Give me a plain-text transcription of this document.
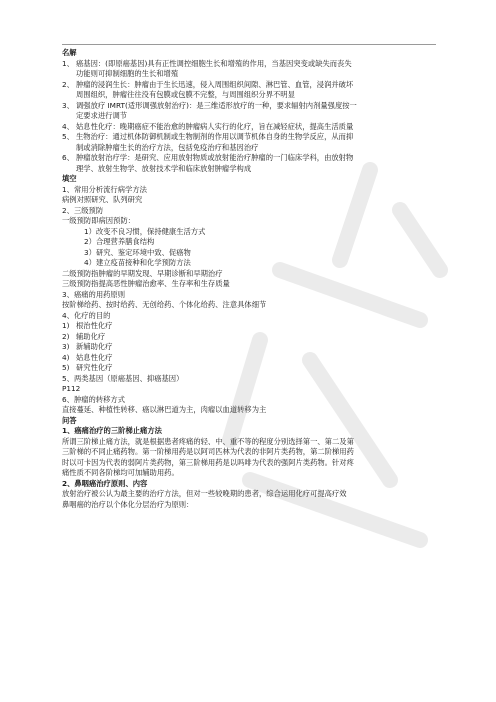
名解
1、 癌基因：(即原癌基因)具有正性调控细胞生长和增殖的作用，当基因突变或缺失而丧失
功能则可抑制细胞的生长和增殖
2、 肿瘤的浸润生长：肿瘤由于生长迅速，侵入周围组织间隙、淋巴管、血管，浸润并破坏
周围组织，肿瘤往往没有包膜或包膜不完整，与周围组织分界不明显
3、 调强放疗 IMRT(适形调强放射治疗)：是三维适形放疗的一种，要求辐射内剂量强度按一
定要求进行调节
4、 姑息性化疗：晚期癌症不能治愈的肿瘤病人实行的化疗，旨在减轻症状，提高生活质量
5、 生物治疗：通过机体防御机制或生物制剂的作用以调节机体自身的生物学反应，从而抑
制或消除肿瘤生长的治疗方法，包括免疫治疗和基因治疗
6、 肿瘤放射治疗学：是研究、应用放射物质或放射能治疗肿瘤的一门临床学科，由放射物
理学、放射生物学、放射技术学和临床放射肿瘤学构成
填空
1、常用分析流行病学方法
病例对照研究、队列研究
2、三级预防
一级预防即病因预防：
1）改变不良习惯，保持健康生活方式
2）合理营养膳食结构
3）研究、鉴定环境中致、促癌物
4）建立疫苗接种和化学预防方法
二级预防指肿瘤的早期发现、早期诊断和早期治疗
三级预防指提高恶性肿瘤治愈率、生存率和生存质量
3、癌痛的用药原则
按阶梯给药、按时给药、无创给药、个体化给药、注意具体细节
4、化疗的目的
1) 根治性化疗
2) 辅助化疗
3) 新辅助化疗
4) 姑息性化疗
5) 研究性化疗
5、两类基因（原癌基因、抑癌基因）
P112
6、肿瘤的转移方式
直接蔓延、种植性转移、癌以淋巴道为主，肉瘤以血道转移为主
问答
1、癌痛治疗的三阶梯止痛方法
所谓三阶梯止痛方法，就是根据患者疼痛的轻、中、重不等的程度分别选择第一、第二及第
三阶梯的不同止痛药物。第一阶梯用药是以阿司匹林为代表的非阿片类药物，第二阶梯用药
时以可卡因为代表的弱阿片类药物，第三阶梯用药是以吗啡为代表的强阿片类药物。针对疼
痛性质不同各阶梯均可加辅助用药。
2、鼻咽癌治疗原则、内容
放射治疗被公认为最主要的治疗方法，但对一些较晚期的患者，综合运用化疗可提高疗效
鼻咽癌的治疗以个体化分层治疗为原则：
